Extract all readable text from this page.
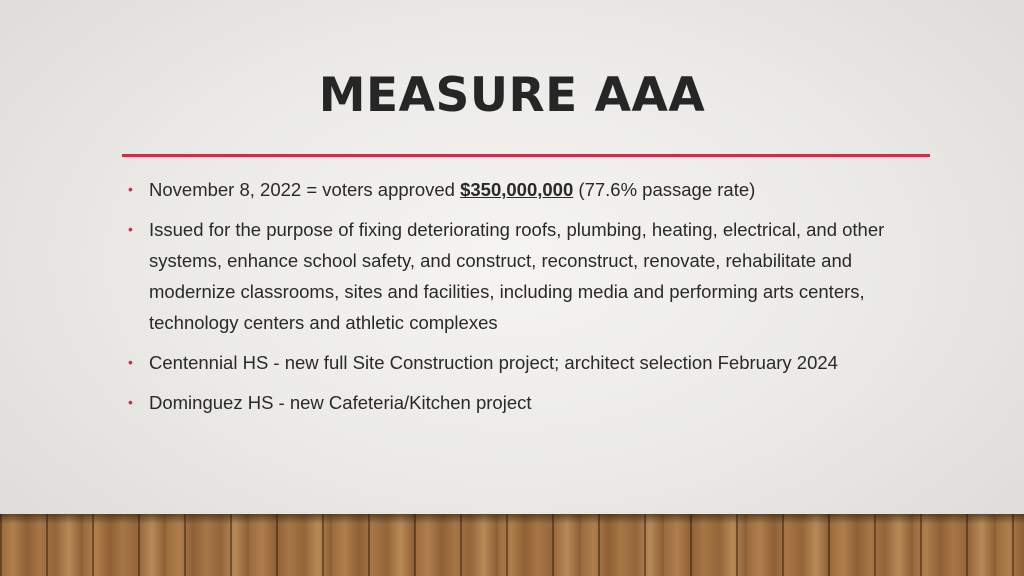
MEASURE AAA
• November 8, 2022 = voters approved $350,000,000 (77.6% passage rate)
• Issued for the purpose of fixing deteriorating roofs, plumbing, heating, electrical, and other systems, enhance school safety, and construct, reconstruct, renovate, rehabilitate and modernize classrooms, sites and facilities, including media and performing arts centers, technology centers and athletic complexes
• Centennial HS - new full Site Construction project; architect selection February 2024
• Dominguez HS - new Cafeteria/Kitchen project
